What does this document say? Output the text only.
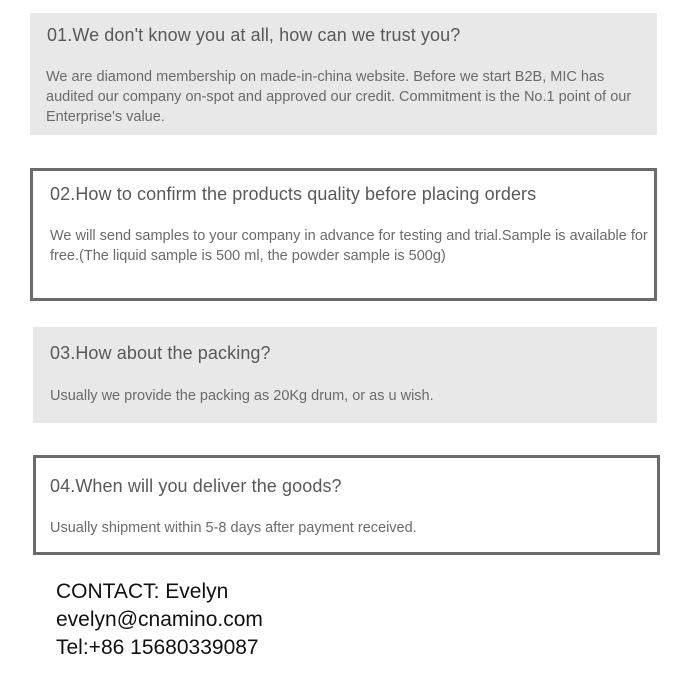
01.We don't know you at all, how can we trust you?
We are diamond membership on made-in-china website. Before we start B2B, MIC has audited our company on-spot and approved our credit. Commitment is the No.1 point of our Enterprise's value.
02.How to confirm the products quality before placing orders
We will send samples to your company in advance for testing and trial.Sample is available for free.(The liquid sample is 500 ml, the powder sample is 500g)
03.How about the packing?
Usually we provide the packing as 20Kg drum, or as u wish.
04.When will you deliver the goods?
Usually shipment within 5-8 days after payment received.
CONTACT: Evelyn
evelyn@cnamino.com
Tel:+86 15680339087
